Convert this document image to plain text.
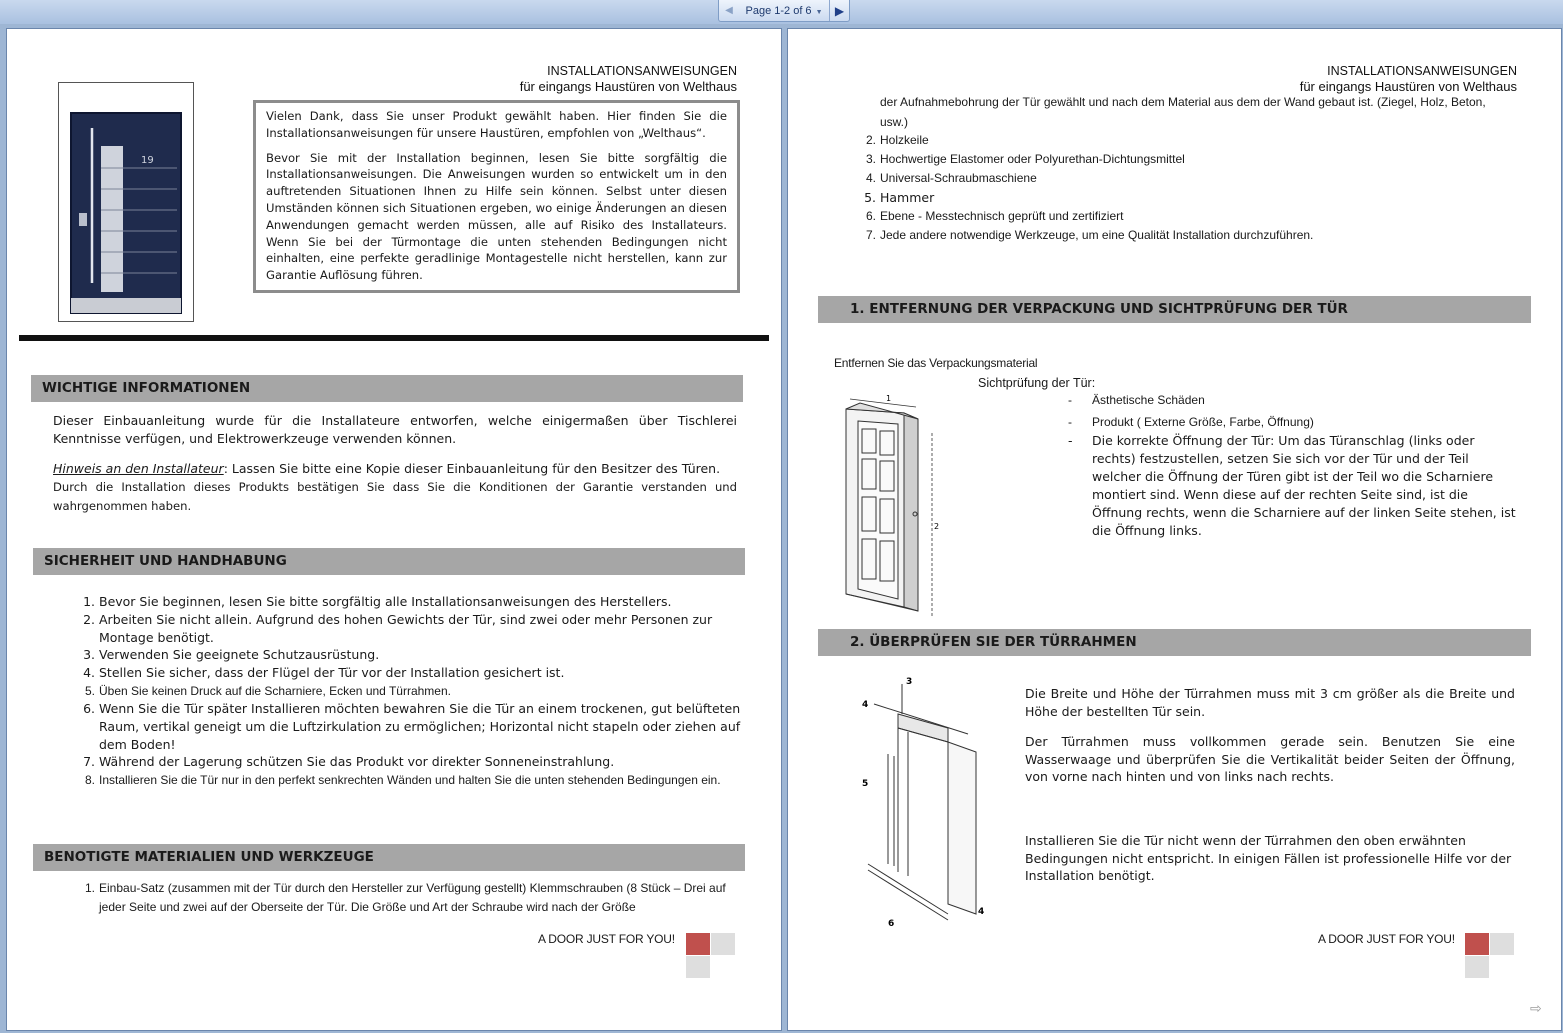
◀	Page 1-2 of 6 ▼	▶
INSTALLATIONSANWEISUNGEN
für eingangs Haustüren von Welthaus
19

Vielen Dank, dass Sie unser Produkt gewählt haben. Hier finden Sie die Installationsanweisungen für unsere Haustüren, empfohlen von „Welthaus“.

Bevor Sie mit der Installation beginnen, lesen Sie bitte sorgfältig die Installationsanweisungen. Die Anweisungen wurden so entwickelt um in den auftretenden Situationen Ihnen zu Hilfe sein können. Selbst unter diesen Umständen können sich Situationen ergeben, wo einige Änderungen an diesen Anwendungen gemacht werden müssen, alle auf Risiko des Installateurs. Wenn Sie bei der Türmontage die unten stehenden Bedingungen nicht einhalten, eine perfekte geradlinige Montagestelle nicht herstellen, kann zur Garantie Auflösung führen.

WICHTIGE INFORMATIONEN
Dieser Einbauanleitung wurde für die Installateure entworfen, welche einigermaßen über Tischlerei Kenntnisse verfügen, und Elektrowerkzeuge verwenden können.
Hinweis an den Installateur: Lassen Sie bitte eine Kopie dieser Einbauanleitung für den Besitzer des Türen.
Durch die Installation dieses Produkts bestätigen Sie dass Sie die Konditionen der Garantie verstanden und wahrgenommen haben.
SICHERHEIT UND HANDHABUNG
1. Bevor Sie beginnen, lesen Sie bitte sorgfältig alle Installationsanweisungen des Herstellers.
2. Arbeiten Sie nicht allein. Aufgrund des hohen Gewichts der Tür, sind zwei oder mehr Personen zur Montage benötigt.
3. Verwenden Sie geeignete Schutzausrüstung.
4. Stellen Sie sicher, dass der Flügel der Tür vor der Installation gesichert ist.
5. Üben Sie keinen Druck auf die Scharniere, Ecken und Türrahmen.
6. Wenn Sie die Tür später Installieren möchten bewahren Sie die Tür an einem trockenen, gut belüfteten Raum, vertikal geneigt um die Luftzirkulation zu ermöglichen; Horizontal nicht stapeln oder ziehen auf dem Boden!
7. Während der Lagerung schützen Sie das Produkt vor direkter Sonneneinstrahlung.
8. Installieren Sie die Tür nur in den perfekt senkrechten Wänden und halten Sie die unten stehenden Bedingungen ein.
BENOTIGTE MATERIALIEN UND WERKZEUGE
1. Einbau-Satz (zusammen mit der Tür durch den Hersteller zur Verfügung gestellt) Klemmschrauben (8 Stück – Drei auf jeder Seite und zwei auf der Oberseite der Tür. Die Größe und Art der Schraube wird nach der Größe
A DOOR JUST FOR YOU!
INSTALLATIONSANWEISUNGEN
für eingangs Haustüren von Welthaus
der Aufnahmebohrung der Tür gewählt und nach dem Material aus dem der Wand gebaut ist. (Ziegel, Holz, Beton, usw.)
2. Holzkeile
3. Hochwertige Elastomer oder Polyurethan-Dichtungsmittel
4. Universal-Schraubmaschiene
5. Hammer
6. Ebene - Messtechnisch geprüft und zertifiziert
7. Jede andere notwendige Werkzeuge, um eine Qualität Installation durchzuführen.
1. ENTFERNUNG DER VERPACKUNG UND SICHTPRÜFUNG DER TÜR
Entfernen Sie das Verpackungsmaterial
Sichtprüfung der Tür:
- Ästhetische Schäden
- Produkt ( Externe Größe, Farbe, Öffnung)
- Die korrekte Öffnung der Tür: Um das Türanschlag (links oder rechts) festzustellen, setzen Sie sich vor der Tür und der Teil welcher die Öffnung der Türen gibt ist der Teil wo die Scharniere montiert sind. Wenn diese auf der rechten Seite sind, ist die Öffnung rechts, wenn die Scharniere auf der linken Seite stehen, ist die Öffnung links.
1
2
2. ÜBERPRÜFEN SIE DER TÜRRAHMEN
3
4
5
4
6
Die Breite und Höhe der Türrahmen muss mit 3 cm größer als die Breite und Höhe der bestellten Tür sein.
Der Türrahmen muss vollkommen gerade sein. Benutzen Sie eine Wasserwaage und überprüfen Sie die Vertikalität beider Seiten der Öffnung, von vorne nach hinten und von links nach rechts.
Installieren Sie die Tür nicht wenn der Türrahmen den oben erwähnten Bedingungen nicht entspricht. In einigen Fällen ist professionelle Hilfe vor der Installation benötigt.
A DOOR JUST FOR YOU!
⇨
